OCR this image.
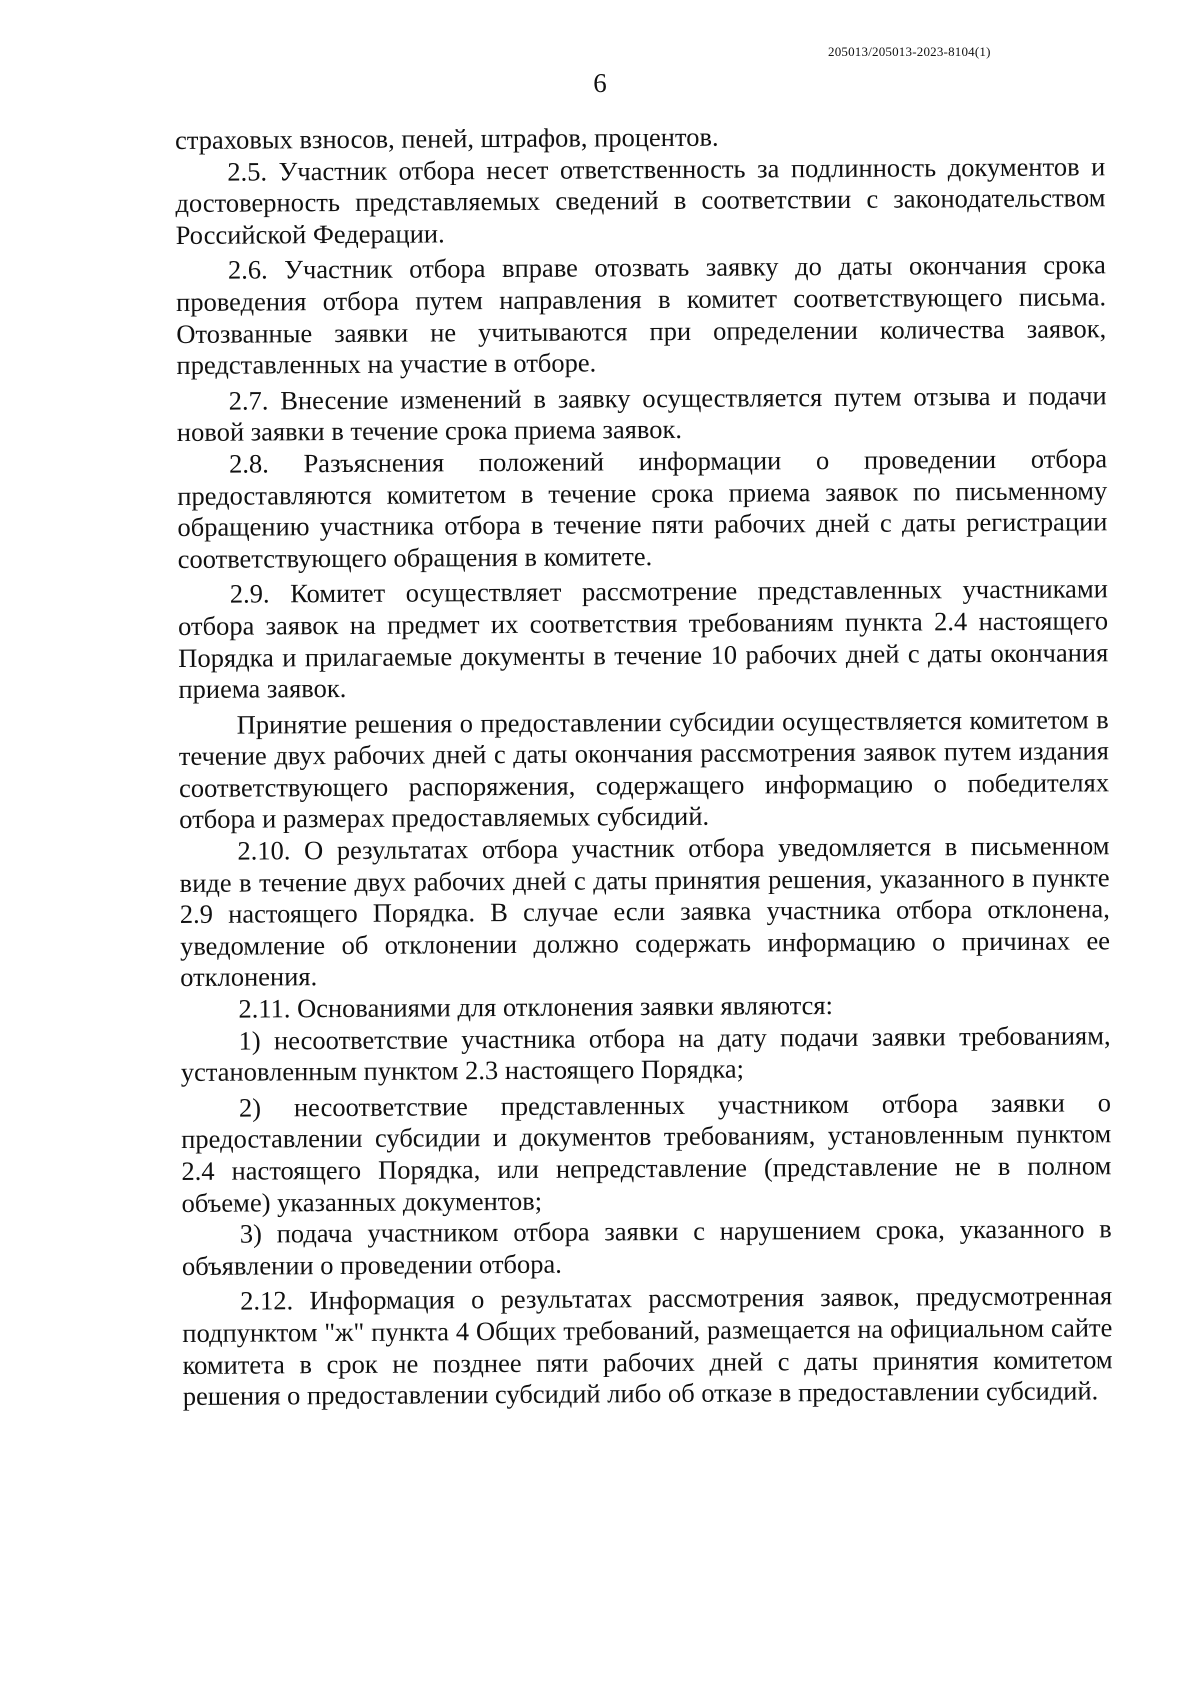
205013/205013-2023-8104(1)
6

страховых взносов, пеней, штрафов, процентов.

2.5. Участник отбора несет ответственность за подлинность документов и достоверность представляемых сведений в соответствии с законодательством Российской Федерации.

2.6. Участник отбора вправе отозвать заявку до даты окончания срока проведения отбора путем направления в комитет соответствующего письма. Отозванные заявки не учитываются при определении количества заявок, представленных на участие в отборе.

2.7. Внесение изменений в заявку осуществляется путем отзыва и подачи новой заявки в течение срока приема заявок.

2.8. Разъяснения положений информации о проведении отбора предоставляются комитетом в течение срока приема заявок по письменному обращению участника отбора в течение пяти рабочих дней с даты регистрации соответствующего обращения в комитете.

2.9. Комитет осуществляет рассмотрение представленных участниками отбора заявок на предмет их соответствия требованиям пункта 2.4 настоящего Порядка и прилагаемые документы в течение 10 рабочих дней с даты окончания приема заявок.

Принятие решения о предоставлении субсидии осуществляется комитетом в течение двух рабочих дней с даты окончания рассмотрения заявок путем издания соответствующего распоряжения, содержащего информацию о победителях отбора и размерах предоставляемых субсидий.

2.10. О результатах отбора участник отбора уведомляется в письменном виде в течение двух рабочих дней с даты принятия решения, указанного в пункте 2.9 настоящего Порядка. В случае если заявка участника отбора отклонена, уведомление об отклонении должно содержать информацию о причинах ее отклонения.

2.11. Основаниями для отклонения заявки являются:

1) несоответствие участника отбора на дату подачи заявки требованиям, установленным пунктом 2.3 настоящего Порядка;

2) несоответствие представленных участником отбора заявки о предоставлении субсидии и документов требованиям, установленным пунктом 2.4 настоящего Порядка, или непредставление (представление не в полном объеме) указанных документов;

3) подача участником отбора заявки с нарушением срока, указанного в объявлении о проведении отбора.

2.12. Информация о результатах рассмотрения заявок, предусмотренная подпунктом "ж" пункта 4 Общих требований, размещается на официальном сайте комитета в срок не позднее пяти рабочих дней с даты принятия комитетом решения о предоставлении субсидий либо об отказе в предоставлении субсидий.
